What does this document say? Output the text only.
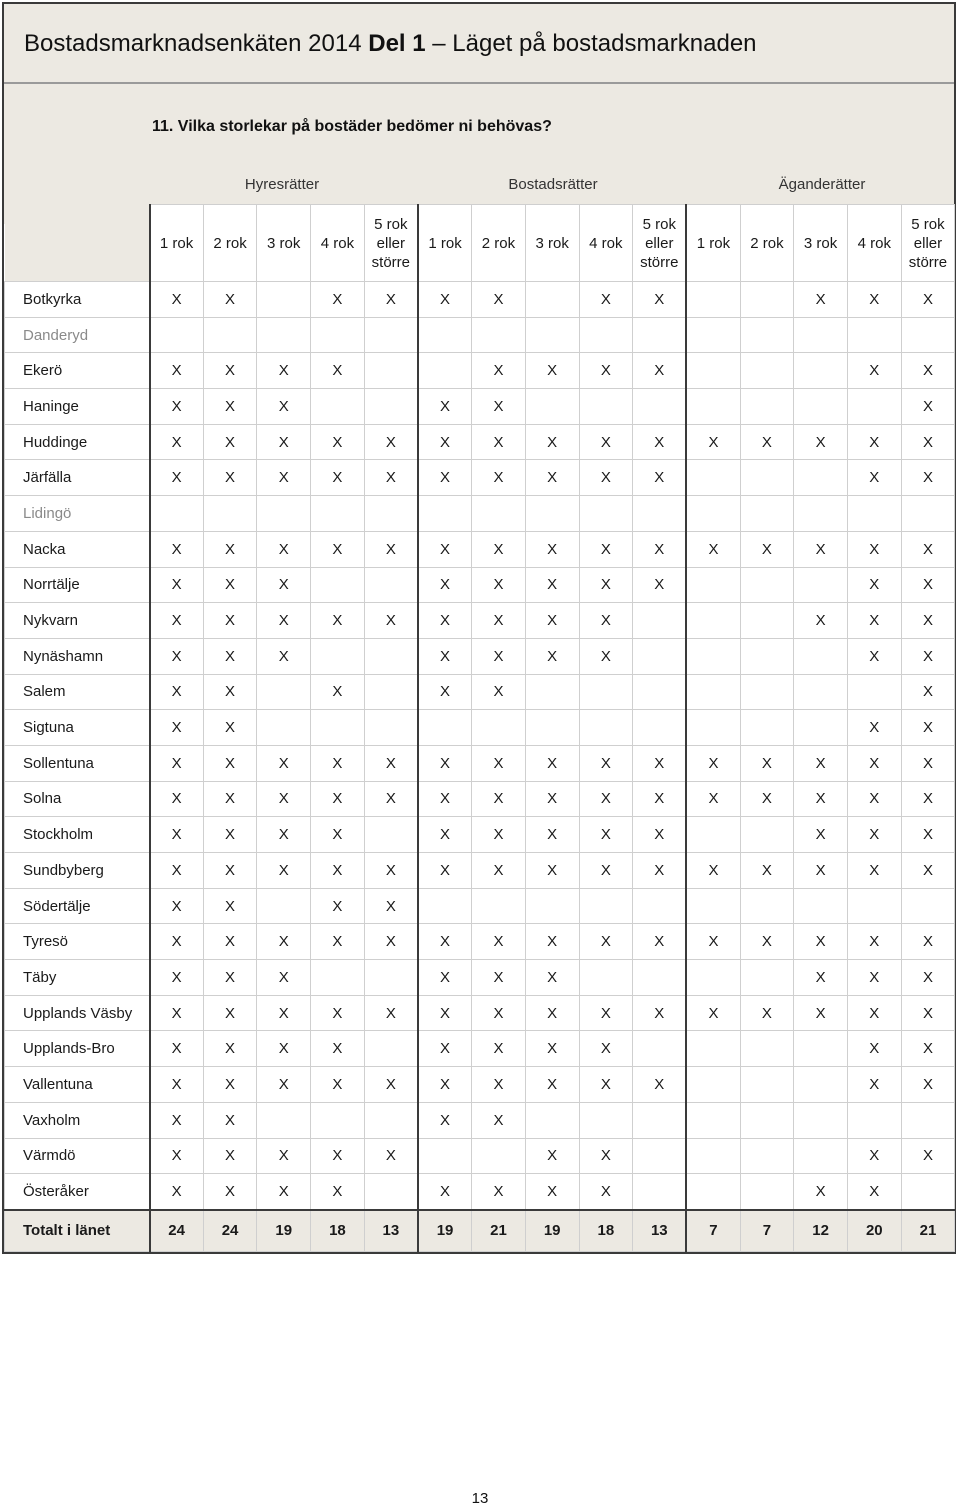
Bostadsmarknadsenkäten 2014 Del 1 – Läget på bostadsmarknaden
11. Vilka storlekar på bostäder bedömer ni behövas?
Hyresrätter	Bostadsrätter	Äganderätter
	1 rok	2 rok	3 rok	4 rok	5 rok eller större	1 rok	2 rok	3 rok	4 rok	5 rok eller större	1 rok	2 rok	3 rok	4 rok	5 rok eller större
Botkyrka	X	X		X	X	X	X		X	X			X	X	X
Danderyd															
Ekerö	X	X	X	X			X	X	X	X				X	X
Haninge	X	X	X			X	X								X
Huddinge	X	X	X	X	X	X	X	X	X	X	X	X	X	X	X
Järfälla	X	X	X	X	X	X	X	X	X	X				X	X
Lidingö															
Nacka	X	X	X	X	X	X	X	X	X	X	X	X	X	X	X
Norrtälje	X	X	X			X	X	X	X	X				X	X
Nykvarn	X	X	X	X	X	X	X	X	X				X	X	X
Nynäshamn	X	X	X			X	X	X	X					X	X
Salem	X	X		X		X	X								X
Sigtuna	X	X												X	X
Sollentuna	X	X	X	X	X	X	X	X	X	X	X	X	X	X	X
Solna	X	X	X	X	X	X	X	X	X	X	X	X	X	X	X
Stockholm	X	X	X	X		X	X	X	X	X			X	X	X
Sundbyberg	X	X	X	X	X	X	X	X	X	X	X	X	X	X	X
Södertälje	X	X		X	X										
Tyresö	X	X	X	X	X	X	X	X	X	X	X	X	X	X	X
Täby	X	X	X			X	X	X					X	X	X
Upplands Väsby	X	X	X	X	X	X	X	X	X	X	X	X	X	X	X
Upplands-Bro	X	X	X	X		X	X	X	X					X	X
Vallentuna	X	X	X	X	X	X	X	X	X	X				X	X
Vaxholm	X	X				X	X								
Värmdö	X	X	X	X	X			X	X					X	X
Österåker	X	X	X	X		X	X	X	X				X	X	
Totalt i länet	24	24	19	18	13	19	21	19	18	13	7	7	12	20	21
13
